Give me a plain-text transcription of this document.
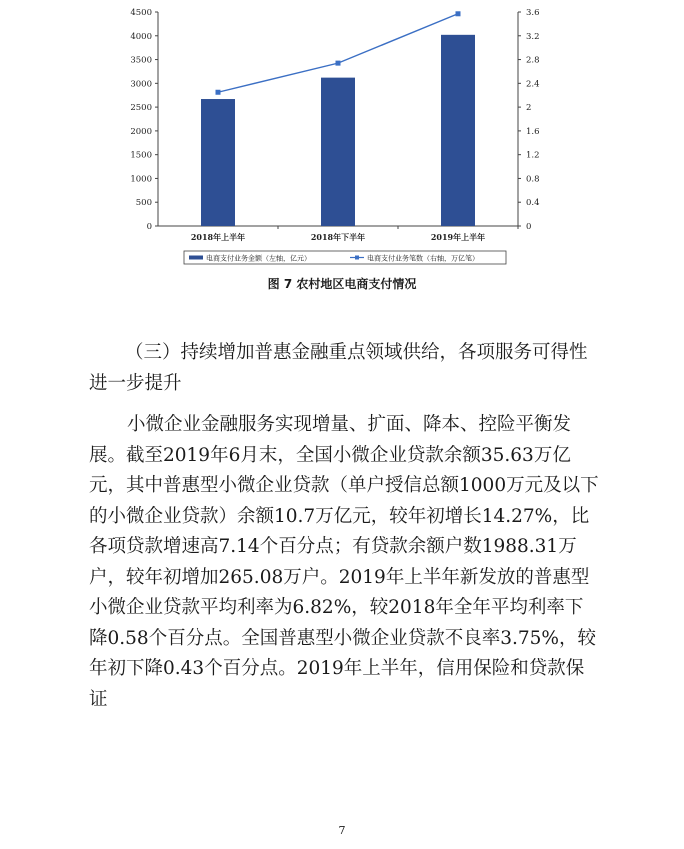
0
500
1000
1500
2000
2500
3000
3500
4000
4500
0
0.4
0.8
1.2
1.6
2
2.4
2.8
3.2
3.6
2018年上半年	2018年下半年	2019年上半年
电商支付业务金额（左轴，亿元）	电商支付业务笔数（右轴，万亿笔）
图 7 农村地区电商支付情况
（三）持续增加普惠金融重点领域供给，各项服务可得性进一步提升
小微企业金融服务实现增量、扩面、降本、控险平衡发展。截至2019年6月末，全国小微企业贷款余额35.63万亿元，其中普惠型小微企业贷款（单户授信总额1000万元及以下的小微企业贷款）余额10.7万亿元，较年初增长14.27%，比各项贷款增速高7.14个百分点；有贷款余额户数1988.31万户，较年初增加265.08万户。2019年上半年新发放的普惠型小微企业贷款平均利率为6.82%，较2018年全年平均利率下降0.58个百分点。全国普惠型小微企业贷款不良率3.75%，较年初下降0.43个百分点。2019年上半年，信用保险和贷款保证
7
